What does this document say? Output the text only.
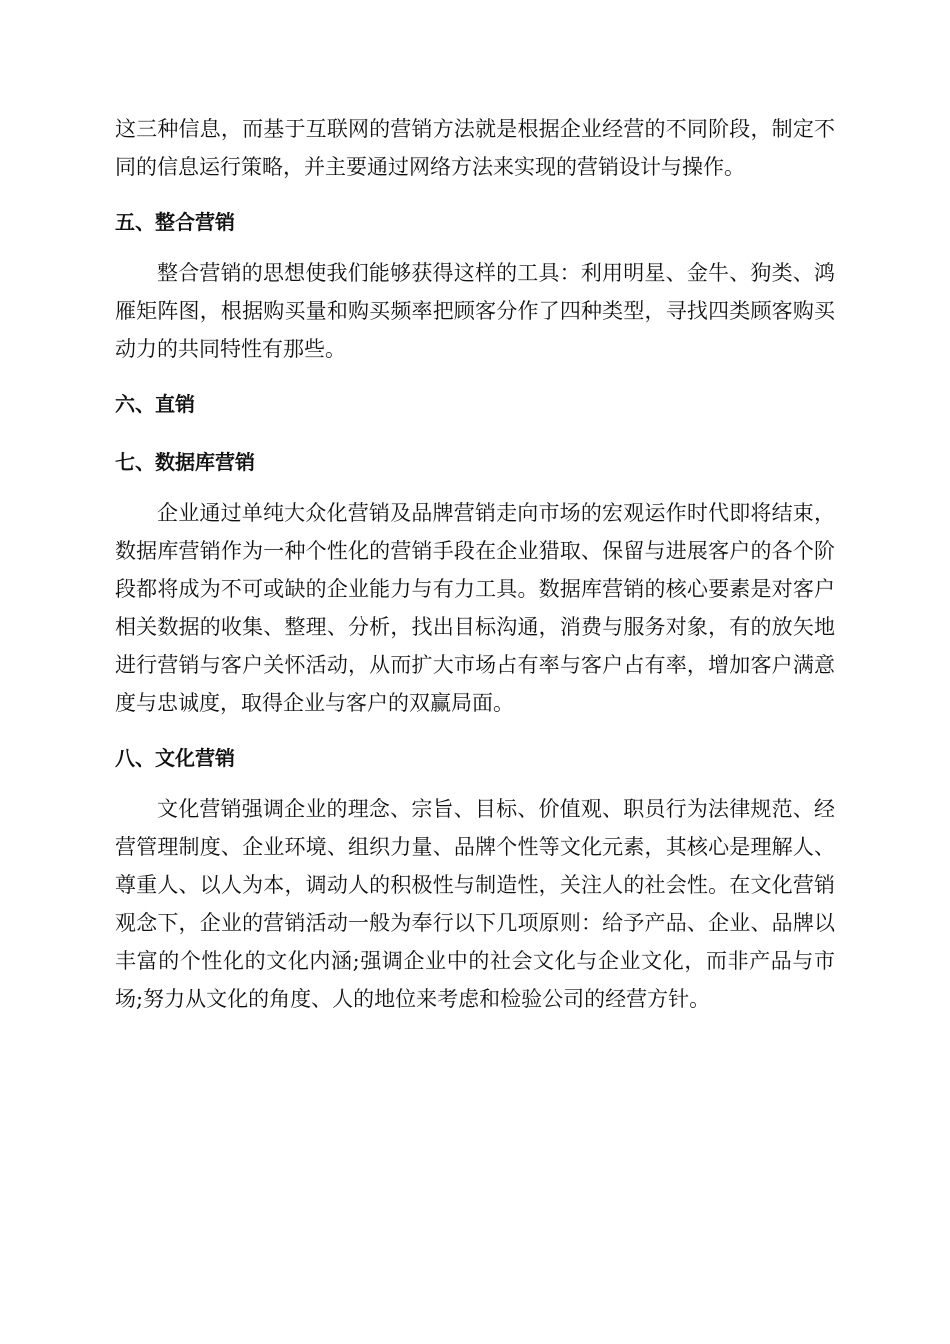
这三种信息，而基于互联网的营销方法就是根据企业经营的不同阶段，制定不同的信息运行策略，并主要通过网络方法来实现的营销设计与操作。

五、整合营销

整合营销的思想使我们能够获得这样的工具：利用明星、金牛、狗类、鸿雁矩阵图，根据购买量和购买频率把顾客分作了四种类型，寻找四类顾客购买动力的共同特性有那些。

六、直销
七、数据库营销

企业通过单纯大众化营销及品牌营销走向市场的宏观运作时代即将结束，数据库营销作为一种个性化的营销手段在企业猎取、保留与进展客户的各个阶段都将成为不可或缺的企业能力与有力工具。数据库营销的核心要素是对客户相关数据的收集、整理、分析，找出目标沟通，消费与服务对象，有的放矢地进行营销与客户关怀活动，从而扩大市场占有率与客户占有率，增加客户满意度与忠诚度，取得企业与客户的双赢局面。

八、文化营销

文化营销强调企业的理念、宗旨、目标、价值观、职员行为法律规范、经营管理制度、企业环境、组织力量、品牌个性等文化元素，其核心是理解人、尊重人、以人为本，调动人的积极性与制造性，关注人的社会性。在文化营销观念下，企业的营销活动一般为奉行以下几项原则：给予产品、企业、品牌以丰富的个性化的文化内涵;强调企业中的社会文化与企业文化，而非产品与市场;努力从文化的角度、人的地位来考虑和检验公司的经营方针。
